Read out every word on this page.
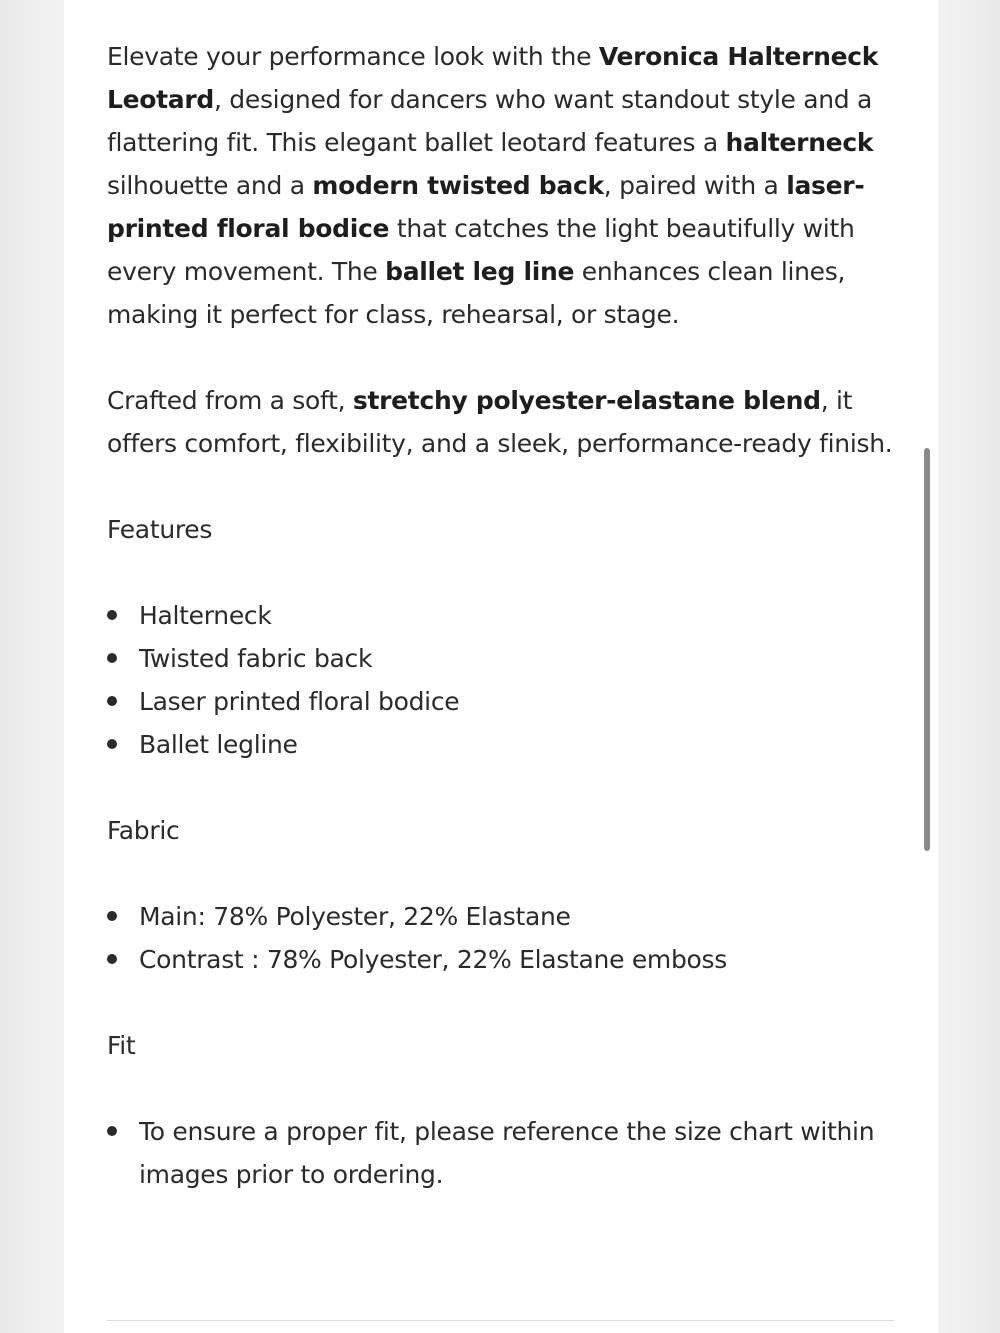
Elevate your performance look with the Veronica Halterneck Leotard, designed for dancers who want standout style and a flattering fit. This elegant ballet leotard features a halterneck silhouette and a modern twisted back, paired with a laser-printed floral bodice that catches the light beautifully with every movement. The ballet leg line enhances clean lines, making it perfect for class, rehearsal, or stage.

Crafted from a soft, stretchy polyester-elastane blend, it offers comfort, flexibility, and a sleek, performance-ready finish.

Features
Halterneck
Twisted fabric back
Laser printed floral bodice
Ballet legline
Fabric
Main: 78% Polyester, 22% Elastane
Contrast : 78% Polyester, 22% Elastane emboss
Fit
To ensure a proper fit, please reference the size chart within images prior to ordering.
